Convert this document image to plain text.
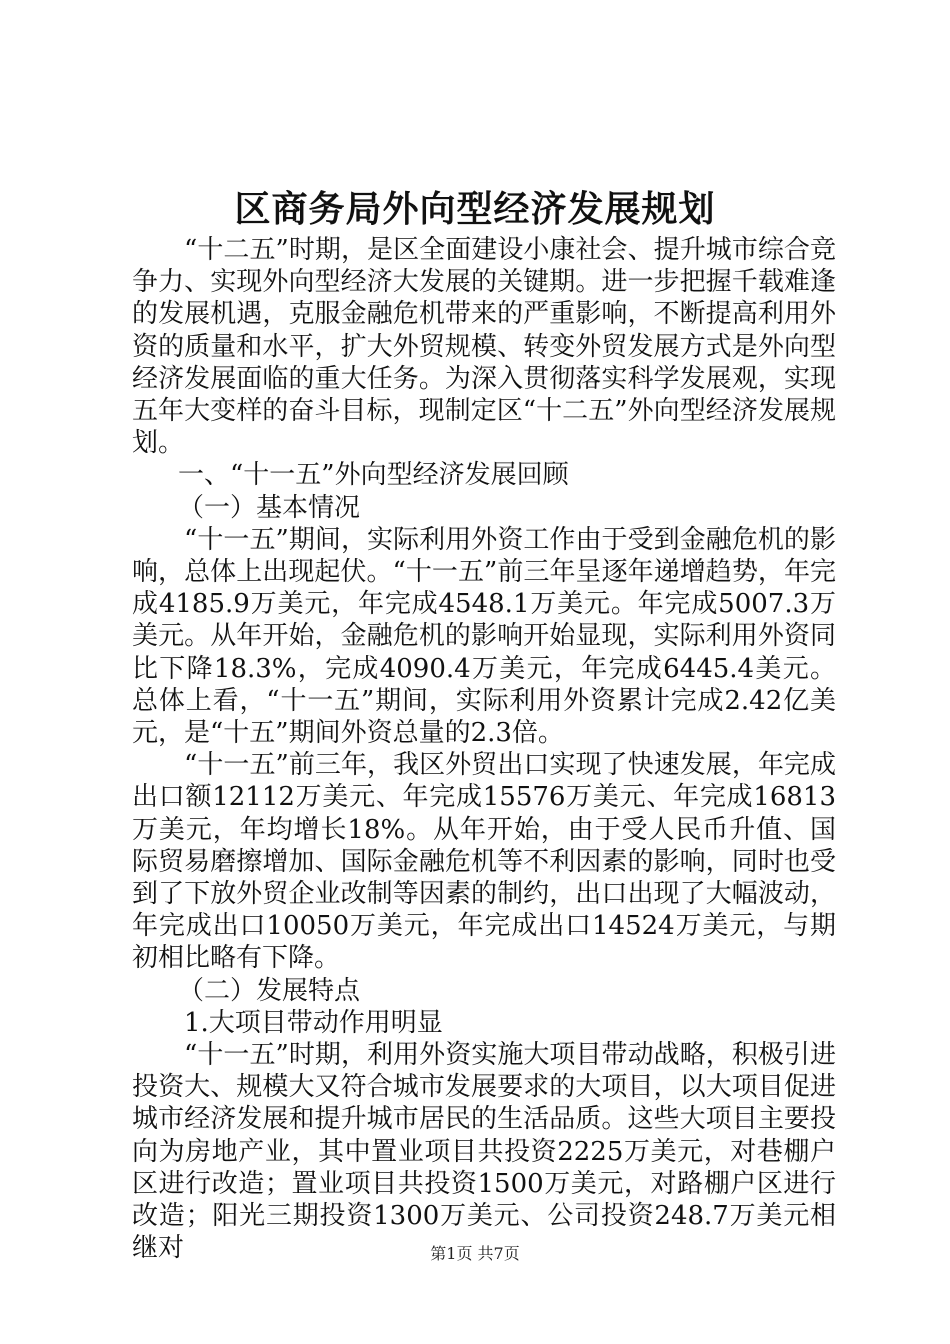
区商务局外向型经济发展规划

“十二五”时期，是区全面建设小康社会、提升城市综合竞争力、实现外向型经济大发展的关键期。进一步把握千载难逢的发展机遇，克服金融危机带来的严重影响，不断提高利用外资的质量和水平，扩大外贸规模、转变外贸发展方式是外向型经济发展面临的重大任务。为深入贯彻落实科学发展观，实现五年大变样的奋斗目标，现制定区“十二五”外向型经济发展规划。

一、“十一五”外向型经济发展回顾

（一）基本情况

“十一五”期间，实际利用外资工作由于受到金融危机的影响，总体上出现起伏。“十一五”前三年呈逐年递增趋势，年完成4185.9万美元，年完成4548.1万美元。年完成5007.3万美元。从年开始，金融危机的影响开始显现，实际利用外资同比下降18.3%，完成4090.4万美元，年完成6445.4美元。总体上看，“十一五”期间，实际利用外资累计完成2.42亿美元，是“十五”期间外资总量的2.3倍。

“十一五”前三年，我区外贸出口实现了快速发展，年完成出口额12112万美元、年完成15576万美元、年完成16813万美元，年均增长18%。从年开始，由于受人民币升值、国际贸易磨擦增加、国际金融危机等不利因素的影响，同时也受到了下放外贸企业改制等因素的制约，出口出现了大幅波动，年完成出口10050万美元，年完成出口14524万美元，与期初相比略有下降。

（二）发展特点

1.大项目带动作用明显

“十一五”时期，利用外资实施大项目带动战略，积极引进投资大、规模大又符合城市发展要求的大项目，以大项目促进城市经济发展和提升城市居民的生活品质。这些大项目主要投向为房地产业，其中置业项目共投资2225万美元，对巷棚户区进行改造；置业项目共投资1500万美元，对路棚户区进行改造；阳光三期投资1300万美元、公司投资248.7万美元相继对	第1页 共7页
